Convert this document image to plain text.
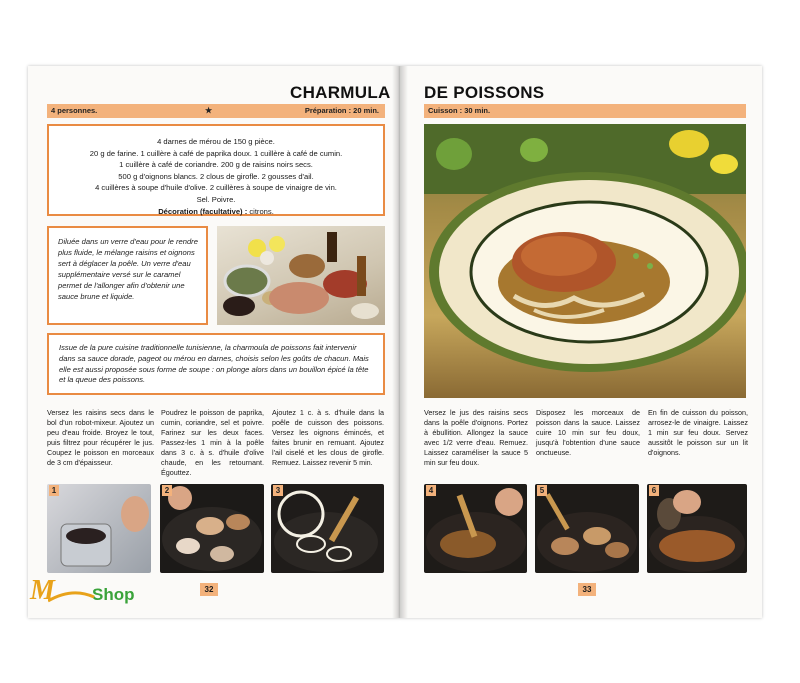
CHARMULA
4 personnes.	★	Préparation : 20 min.
4 darnes de mérou de 150 g pièce.
20 g de farine. 1 cuillère à café de paprika doux. 1 cuillère à café de cumin.
1 cuillère à café de coriandre. 200 g de raisins noirs secs.
500 g d'oignons blancs. 2 clous de girofle. 2 gousses d'ail.
4 cuillères à soupe d'huile d'olive. 2 cuillères à soupe de vinaigre de vin.
Sel. Poivre.
Décoration (facultative) : citrons.
Diluée dans un verre d'eau pour le rendre plus fluide, le mélange raisins et oignons sert à déglacer la poêle. Un verre d'eau supplémentaire versé sur le caramel permet de l'allonger afin d'obtenir une sauce brune et liquide.
Issue de la pure cuisine traditionnelle tunisienne, la charmoula de poissons fait intervenir dans sa sauce dorade, pageot ou mérou en darnes, choisis selon les goûts de chacun. Mais elle est aussi proposée sous forme de soupe : on plonge alors dans un bouillon épicé la tête et la queue des poissons.
Versez les raisins secs dans le bol d'un robot-mixeur. Ajoutez un peu d'eau froide. Broyez le tout, puis filtrez pour récupérer le jus. Coupez le poisson en morceaux de 3 cm d'épaisseur.
Poudrez le poisson de paprika, cumin, coriandre, sel et poivre. Farinez sur les deux faces. Passez-les 1 min à la poêle dans 3 c. à s. d'huile d'olive chaude, en les retournant. Égouttez.
Ajoutez 1 c. à s. d'huile dans la poêle de cuisson des poissons. Versez les oignons émincés, et faites brunir en remuant. Ajoutez l'ail ciselé et les clous de girofle. Remuez. Laissez revenir 5 min.
1	2	3
32
DE POISSONS
Cuisson : 30 min.
Versez le jus des raisins secs dans la poêle d'oignons. Portez à ébullition. Allongez la sauce avec 1/2 verre d'eau. Remuez. Laissez caraméliser la sauce 5 min sur feu doux.
Disposez les morceaux de poisson dans la sauce. Laissez cuire 10 min sur feu doux, jusqu'à l'obtention d'une sauce onctueuse.
En fin de cuisson du poisson, arrosez-le de vinaigre. Laissez 1 min sur feu doux. Servez aussitôt le poisson sur un lit d'oignons.
4	5	6
33
M Shop
